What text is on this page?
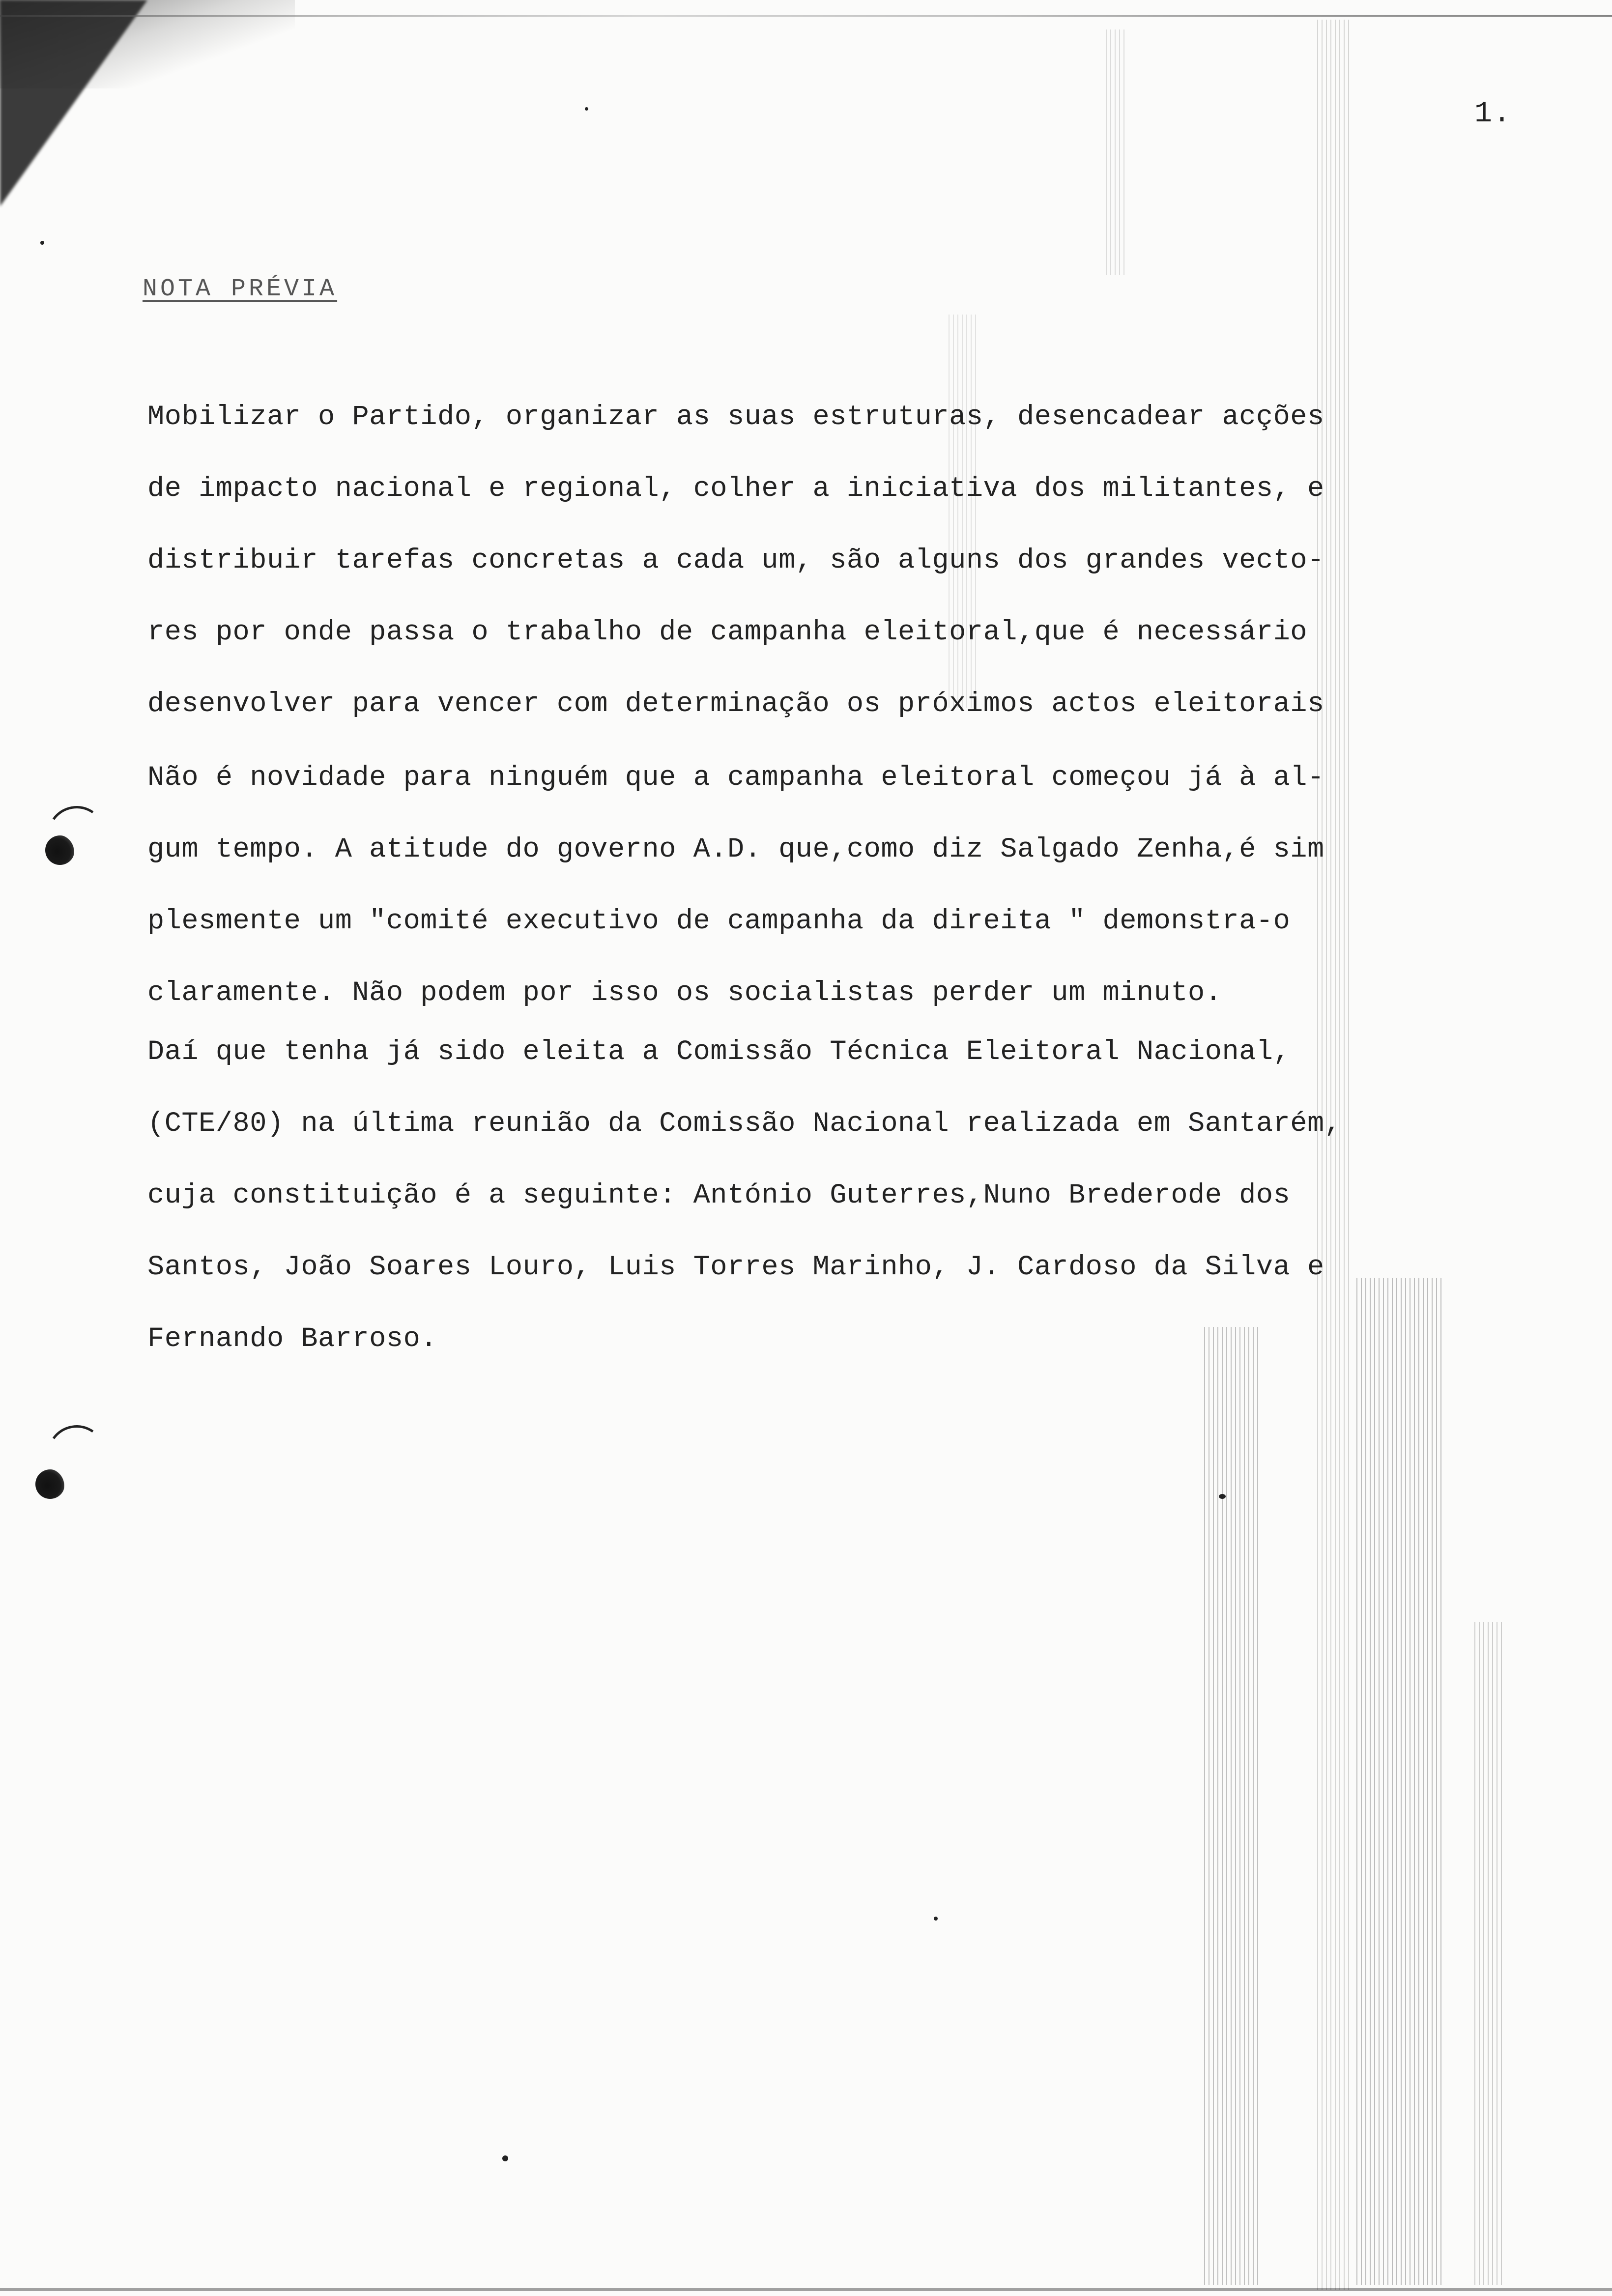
1.
NOTA PRÉVIA
Mobilizar o Partido, organizar as suas estruturas, desencadear acções
de impacto nacional e regional, colher a iniciativa dos militantes, e
distribuir tarefas concretas a cada um, são alguns dos grandes vecto-
res por onde passa o trabalho de campanha eleitoral,que é necessário
desenvolver para vencer com determinação os próximos actos eleitorais
Não é novidade para ninguém que a campanha eleitoral começou já à al-
gum tempo. A atitude do governo A.D. que,como diz Salgado Zenha,é sim
plesmente um "comité executivo de campanha da direita " demonstra-o
claramente. Não podem por isso os socialistas perder um minuto.
Daí que tenha já sido eleita a Comissão Técnica Eleitoral Nacional,
(CTE/80) na última reunião da Comissão Nacional realizada em Santarém,
cuja constituição é a seguinte: António Guterres,Nuno Brederode dos
Santos, João Soares Louro, Luis Torres Marinho, J. Cardoso da Silva e
Fernando Barroso.
